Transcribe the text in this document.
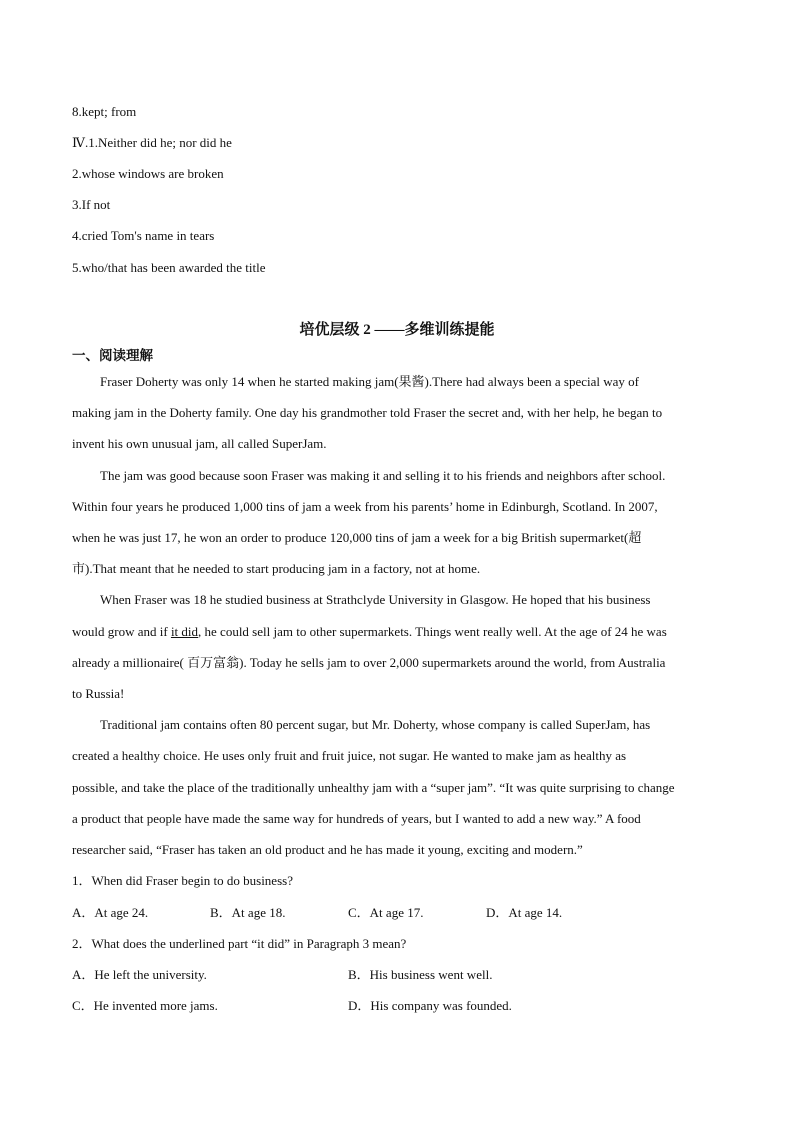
8.kept; from
Ⅳ.1.Neither did he; nor did he
2.whose windows are broken
3.If not
4.cried Tom's name in tears
5.who/that has been awarded the title
培优层级 2 ——多维训练提能
一、阅读理解
Fraser Doherty was only 14 when he started making jam(果酱).There had always been a special way of
making jam in the Doherty family. One day his grandmother told Fraser the secret and, with her help, he began to
invent his own unusual jam, all called SuperJam.
The jam was good because soon Fraser was making it and selling it to his friends and neighbors after school.
Within four years he produced 1,000 tins of jam a week from his parents’ home in Edinburgh, Scotland. In 2007,
when he was just 17, he won an order to produce 120,000 tins of jam a week for a big British supermarket(超
市).That meant that he needed to start producing jam in a factory, not at home.
When Fraser was 18 he studied business at Strathclyde University in Glasgow. He hoped that his business
would grow and if it did, he could sell jam to other supermarkets. Things went really well. At the age of 24 he was
already a millionaire( 百万富翁). Today he sells jam to over 2,000 supermarkets around the world, from Australia
to Russia!
Traditional jam contains often 80 percent sugar, but Mr. Doherty, whose company is called SuperJam, has
created a healthy choice. He uses only fruit and fruit juice, not sugar. He wanted to make jam as healthy as
possible, and take the place of the traditionally unhealthy jam with a “super jam”. “It was quite surprising to change
a product that people have made the same way for hundreds of years, but I wanted to add a new way.” A food
researcher said, “Fraser has taken an old product and he has made it young, exciting and modern.”
1．When did Fraser begin to do business?
A．At age 24.	B．At age 18.	C．At age 17.	D．At age 14.
2．What does the underlined part “it did” in Paragraph 3 mean?
A．He left the university.	B．His business went well.
C．He invented more jams.	D．His company was founded.
